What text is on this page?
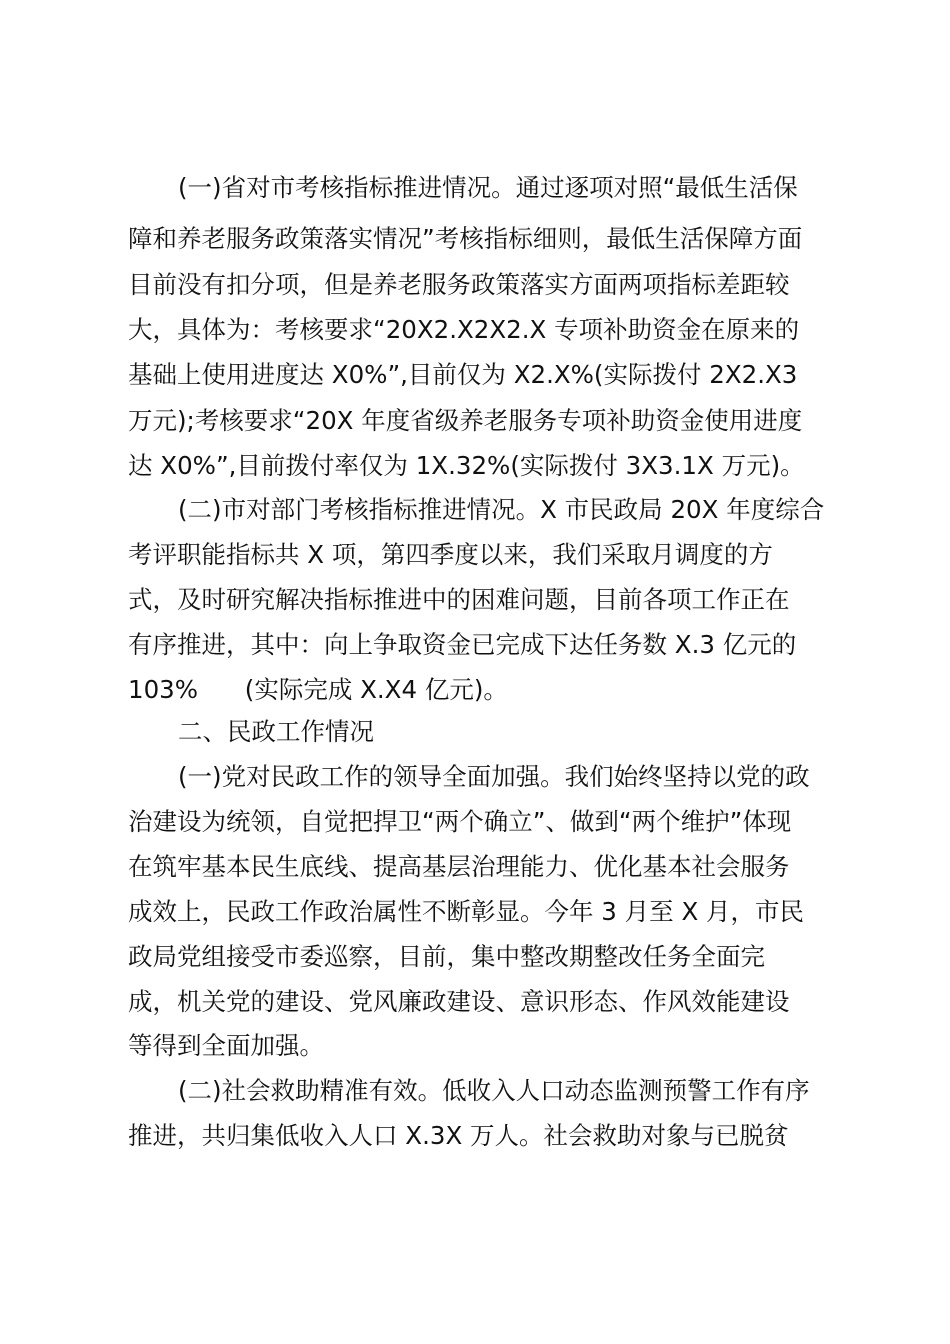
(一)省对市考核指标推进情况。通过逐项对照“最低生活保
障和养老服务政策落实情况”考核指标细则，最低生活保障方面
目前没有扣分项，但是养老服务政策落实方面两项指标差距较
大，具体为：考核要求“20X2.X2X2.X 专项补助资金在原来的
基础上使用进度达 X0%”,目前仅为 X2.X%(实际拨付 2X2.X3
万元);考核要求“20X 年度省级养老服务专项补助资金使用进度
达 X0%”,目前拨付率仅为 1X.32%(实际拨付 3X3.1X 万元)。
(二)市对部门考核指标推进情况。X 市民政局 20X 年度综合
考评职能指标共 X 项，第四季度以来，我们采取月调度的方
式，及时研究解决指标推进中的困难问题，目前各项工作正在
有序推进，其中：向上争取资金已完成下达任务数 X.3 亿元的
103%      (实际完成 X.X4 亿元)。
二、民政工作情况
(一)党对民政工作的领导全面加强。我们始终坚持以党的政
治建设为统领，自觉把捍卫“两个确立”、做到“两个维护”体现
在筑牢基本民生底线、提高基层治理能力、优化基本社会服务
成效上，民政工作政治属性不断彰显。今年 3 月至 X 月，市民
政局党组接受市委巡察，目前，集中整改期整改任务全面完
成，机关党的建设、党风廉政建设、意识形态、作风效能建设
等得到全面加强。
(二)社会救助精准有效。低收入人口动态监测预警工作有序
推进，共归集低收入人口 X.3X 万人。社会救助对象与已脱贫
